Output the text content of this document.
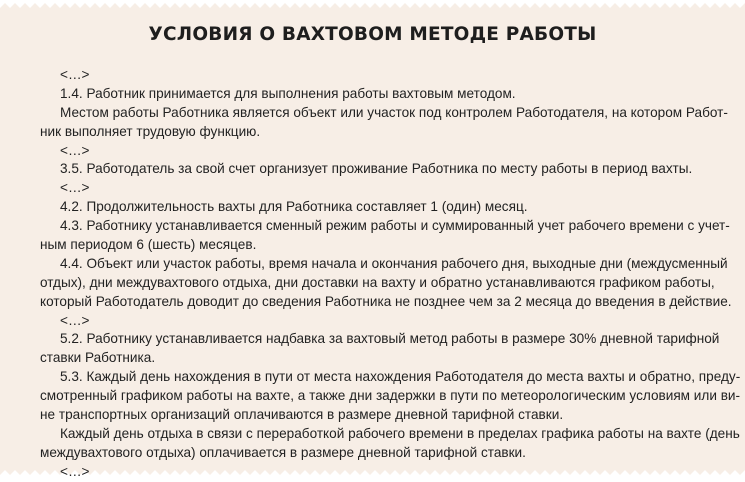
УСЛОВИЯ О ВАХТОВОМ МЕТОДЕ РАБОТЫ
<…>
1.4. Работник принимается для выполнения работы вахтовым методом.
Местом работы Работника является объект или участок под контролем Работодателя, на котором Работ-
ник выполняет трудовую функцию.
<…>
3.5. Работодатель за свой счет организует проживание Работника по месту работы в период вахты.
<…>
4.2. Продолжительность вахты для Работника составляет 1 (один) месяц.
4.3. Работнику устанавливается сменный режим работы и суммированный учет рабочего времени с учет-
ным периодом 6 (шесть) месяцев.
4.4. Объект или участок работы, время начала и окончания рабочего дня, выходные дни (междусменный
отдых), дни междувахтового отдыха, дни доставки на вахту и обратно устанавливаются графиком работы,
который Работодатель доводит до сведения Работника не позднее чем за 2 месяца до введения в действие.
<…>
5.2. Работнику устанавливается надбавка за вахтовый метод работы в размере 30% дневной тарифной
ставки Работника.
5.3. Каждый день нахождения в пути от места нахождения Работодателя до места вахты и обратно, преду-
смотренный графиком работы на вахте, а также дни задержки в пути по метеорологическим условиям или ви-
не транспортных организаций оплачиваются в размере дневной тарифной ставки.
Каждый день отдыха в связи с переработкой рабочего времени в пределах графика работы на вахте (день
междувахтового отдыха) оплачивается в размере дневной тарифной ставки.
<…>
